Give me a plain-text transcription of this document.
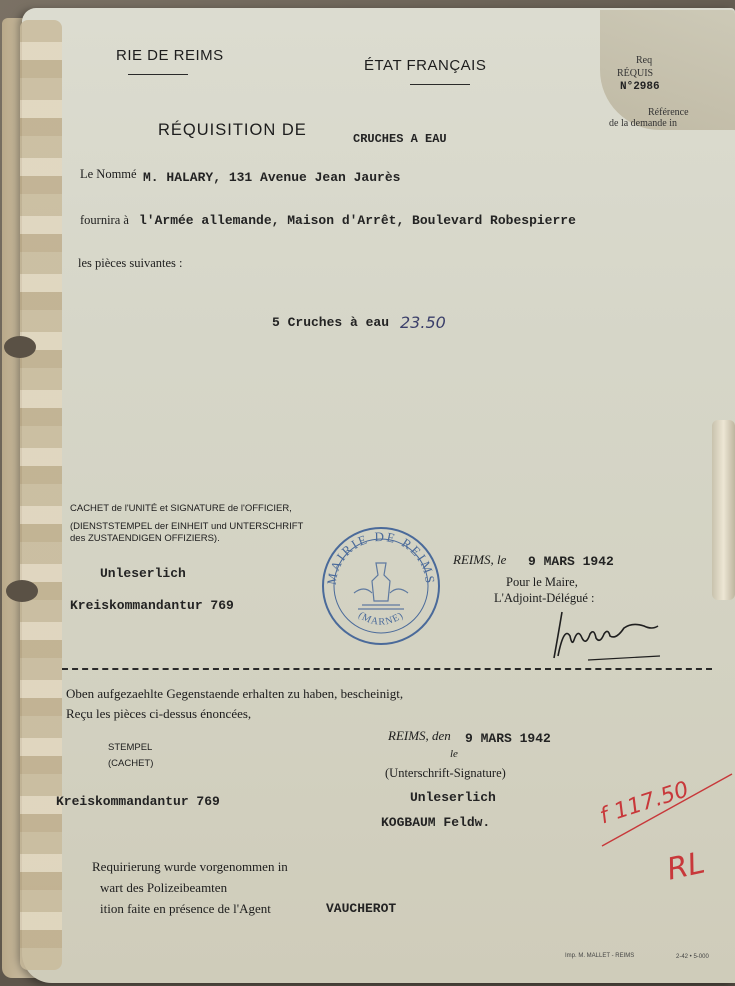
RIE DE REIMS
ÉTAT FRANÇAIS	Req
RÉQUIS
N°2986
Référence
de la demande in
RÉQUISITION DE	CRUCHES A EAU
Le Nommé M. HALARY, 131 Avenue Jean Jaurès
fournira à l'Armée allemande, Maison d'Arrêt, Boulevard Robespierre
les pièces suivantes :
5 Cruches à eau 23.50
CACHET de l'UNITÉ et SIGNATURE de l'OFFICIER,
(DIENSTSTEMPEL der EINHEIT und UNTERSCHRIFT
des ZUSTAENDIGEN OFFIZIERS).
Unleserlich
Kreiskommandantur 769
MAIRIE DE REIMS
(MARNE)
REIMS, le 9 MARS 1942
Pour le Maire,
L'Adjoint-Délégué :
Oben aufgezaehlte Gegenstaende erhalten zu haben, bescheinigt,
Reçu les pièces ci-dessus énoncées,
REIMS, den 9 MARS 1942
le
(Unterschrift-Signature)
STEMPEL
(CACHET)
Kreiskommandantur 769	Unleserlich
KOGBAUM Feldw.	f 117.50
RL
Requirierung wurde vorgenommen in
wart des Polizeibeamten
ition faite en présence de l'Agent	VAUCHEROT
Imp. M. MALLET - REIMS	2-42 • 5-000
